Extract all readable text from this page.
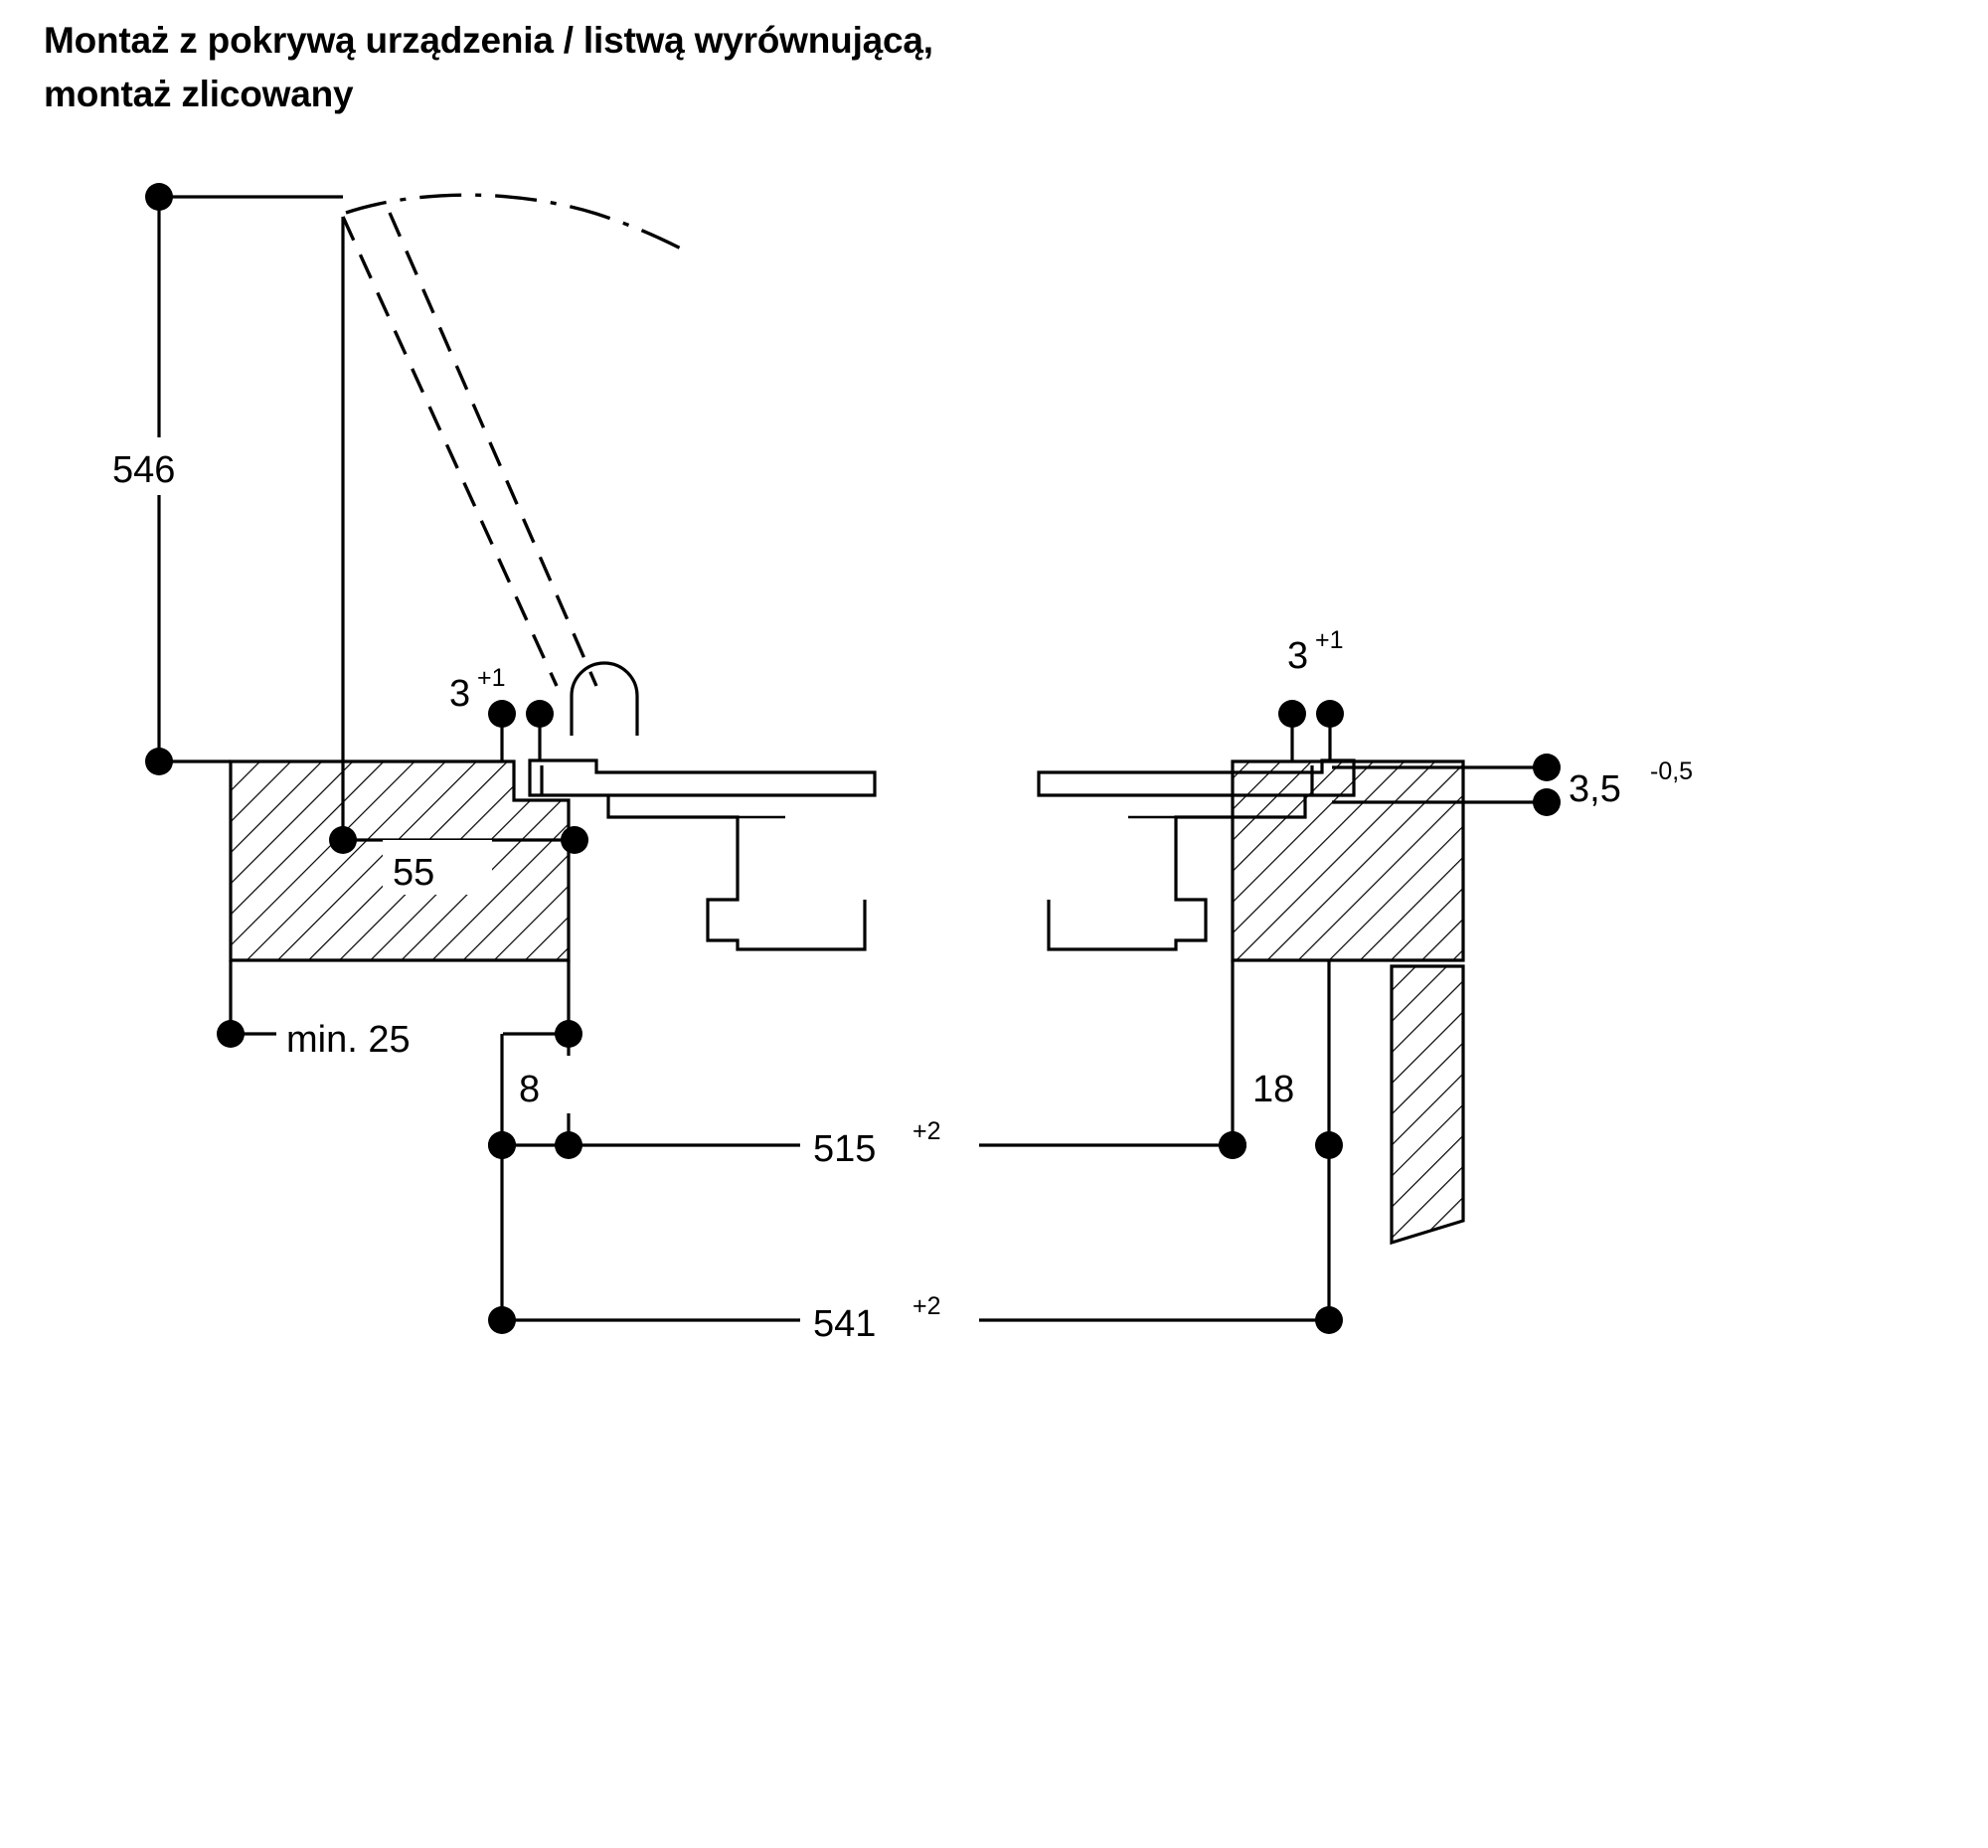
Montaż z pokrywą urządzenia / listwą wyrównującą,
montaż zlicowany
546
55
3 +1
min. 25
8
3 +1
3,5 -0,5
18
515 +2
541 +2
